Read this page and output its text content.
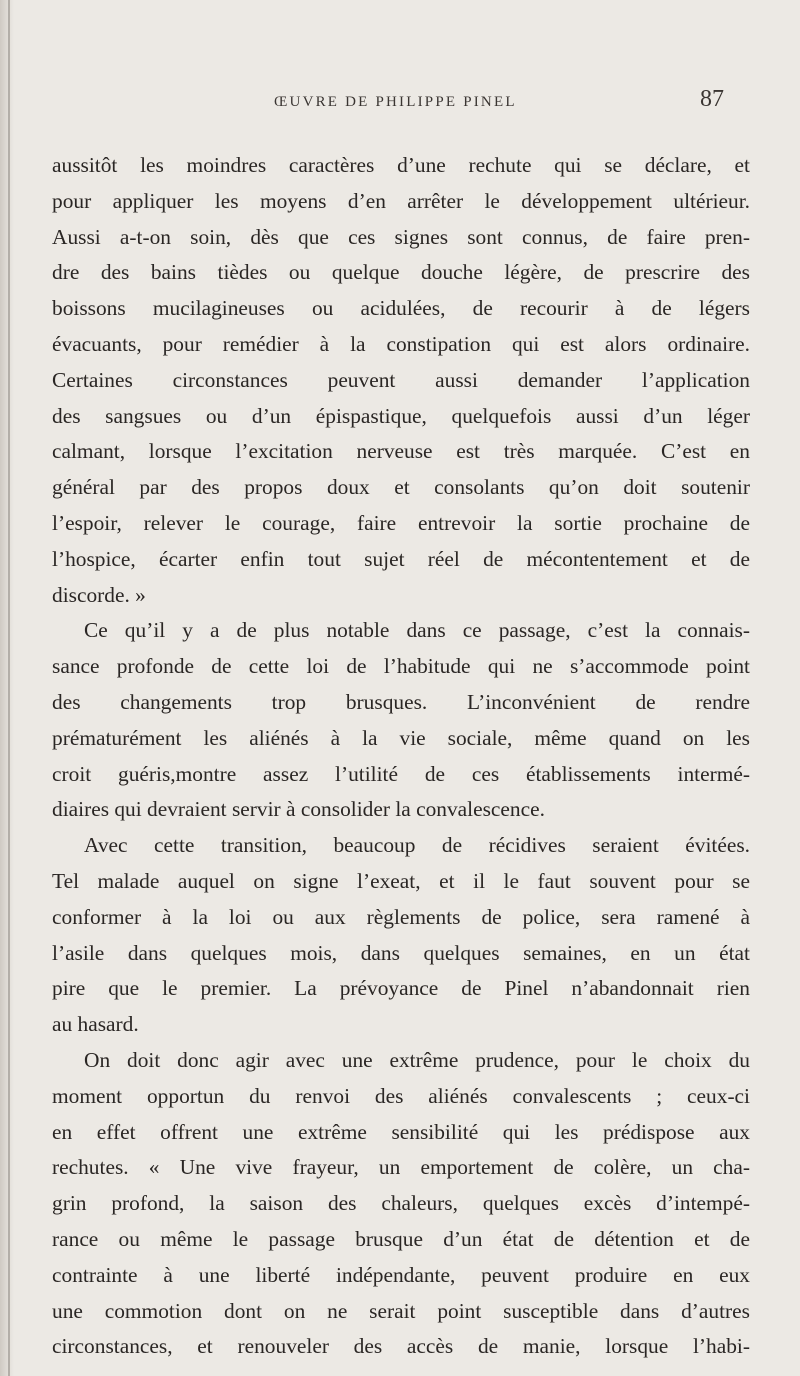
ŒUVRE DE PHILIPPE PINEL	87
aussitôt les moindres caractères d’une rechute qui se déclare, et
pour appliquer les moyens d’en arrêter le développement ultérieur.
Aussi a-t-on soin, dès que ces signes sont connus, de faire pren-
dre des bains tièdes ou quelque douche légère, de prescrire des
boissons mucilagineuses ou acidulées, de recourir à de légers
évacuants, pour remédier à la constipation qui est alors ordinaire.
Certaines circonstances peuvent aussi demander l’application
des sangsues ou d’un épispastique, quelquefois aussi d’un léger
calmant, lorsque l’excitation nerveuse est très marquée. C’est en
général par des propos doux et consolants qu’on doit soutenir
l’espoir, relever le courage, faire entrevoir la sortie prochaine de
l’hospice, écarter enfin tout sujet réel de mécontentement et de
discorde. »
Ce qu’il y a de plus notable dans ce passage, c’est la connais-
sance profonde de cette loi de l’habitude qui ne s’accommode point
des changements trop brusques. L’inconvénient de rendre
prématurément les aliénés à la vie sociale, même quand on les
croit guéris,montre assez l’utilité de ces établissements intermé-
diaires qui devraient servir à consolider la convalescence.
Avec cette transition, beaucoup de récidives seraient évitées.
Tel malade auquel on signe l’exeat, et il le faut souvent pour se
conformer à la loi ou aux règlements de police, sera ramené à
l’asile dans quelques mois, dans quelques semaines, en un état
pire que le premier. La prévoyance de Pinel n’abandonnait rien
au hasard.
On doit donc agir avec une extrême prudence, pour le choix du
moment opportun du renvoi des aliénés convalescents ; ceux-ci
en effet offrent une extrême sensibilité qui les prédispose aux
rechutes. « Une vive frayeur, un emportement de colère, un cha-
grin profond, la saison des chaleurs, quelques excès d’intempé-
rance ou même le passage brusque d’un état de détention et de
contrainte à une liberté indépendante, peuvent produire en eux
une commotion dont on ne serait point susceptible dans d’autres
circonstances, et renouveler des accès de manie, lorsque l’habi-
